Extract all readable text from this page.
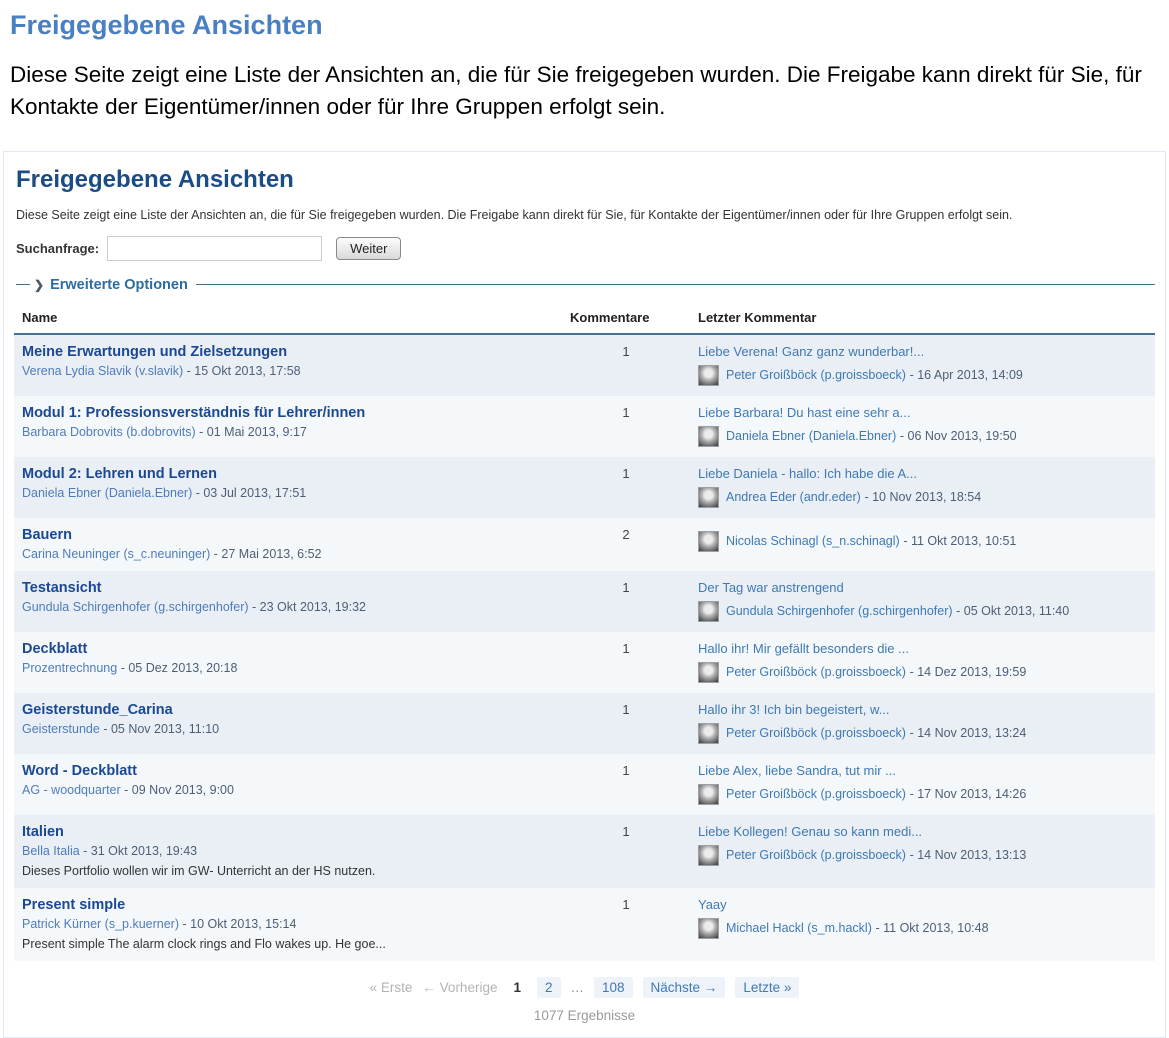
Freigegebene Ansichten

Diese Seite zeigt eine Liste der Ansichten an, die für Sie freigegeben wurden. Die Freigabe kann direkt für Sie, für Kontakte der Eigentümer/innen oder für Ihre Gruppen erfolgt sein.

Freigegebene Ansichten
Diese Seite zeigt eine Liste der Ansichten an, die für Sie freigegeben wurden. Die Freigabe kann direkt für Sie, für Kontakte der Eigentümer/innen oder für Ihre Gruppen erfolgt sein.
Suchanfrage:	Weiter
❯ Erweiterte Optionen
Name	Kommentare	Letzter Kommentar
Meine Erwartungen und Zielsetzungen
Verena Lydia Slavik (v.slavik) - 15 Okt 2013, 17:58	1	Liebe Verena! Ganz ganz wunderbar!...
Peter Groißböck (p.groissboeck)
- 16 Apr 2013, 14:09

Modul 1: Professionsverständnis für Lehrer/innen
Barbara Dobrovits (b.dobrovits) - 01 Mai 2013, 9:17	1	Liebe Barbara! Du hast eine sehr a...
Daniela Ebner (Daniela.Ebner)
- 06 Nov 2013, 19:50

Modul 2: Lehren und Lernen
Daniela Ebner (Daniela.Ebner) - 03 Jul 2013, 17:51	1	Liebe Daniela - hallo: Ich habe die A...
Andrea Eder (andr.eder)
- 10 Nov 2013, 18:54

Bauern
Carina Neuninger (s_c.neuninger) - 27 Mai 2013, 6:52	2	Nicolas Schinagl (s_n.schinagl)
- 11 Okt 2013, 10:51

Testansicht
Gundula Schirgenhofer (g.schirgenhofer) - 23 Okt 2013, 19:32	1	Der Tag war anstrengend
Gundula Schirgenhofer (g.schirgenhofer)
- 05 Okt 2013, 11:40

Deckblatt
Prozentrechnung - 05 Dez 2013, 20:18	1	Hallo ihr! Mir gefällt besonders die ...
Peter Groißböck (p.groissboeck)
- 14 Dez 2013, 19:59

Geisterstunde_Carina
Geisterstunde - 05 Nov 2013, 11:10	1	Hallo ihr 3! Ich bin begeistert, w...
Peter Groißböck (p.groissboeck)
- 14 Nov 2013, 13:24

Word - Deckblatt
AG - woodquarter - 09 Nov 2013, 9:00	1	Liebe Alex, liebe Sandra, tut mir ...
Peter Groißböck (p.groissboeck)
- 17 Nov 2013, 14:26

Italien
Bella Italia - 31 Okt 2013, 19:43
Dieses Portfolio wollen wir im GW- Unterricht an der HS nutzen.
	1	Liebe Kollegen! Genau so kann medi...
Peter Groißböck (p.groissboeck)
- 14 Nov 2013, 13:13

Present simple
Patrick Kürner (s_p.kuerner) - 10 Okt 2013, 15:14
Present simple The alarm clock rings and Flo wakes up. He goe...
	1	Yaay
Michael Hackl (s_m.hackl)
- 11 Okt 2013, 10:48
« Erste ← Vorherige	1	2	…	108	Nächste →	Letzte »
1077 Ergebnisse
